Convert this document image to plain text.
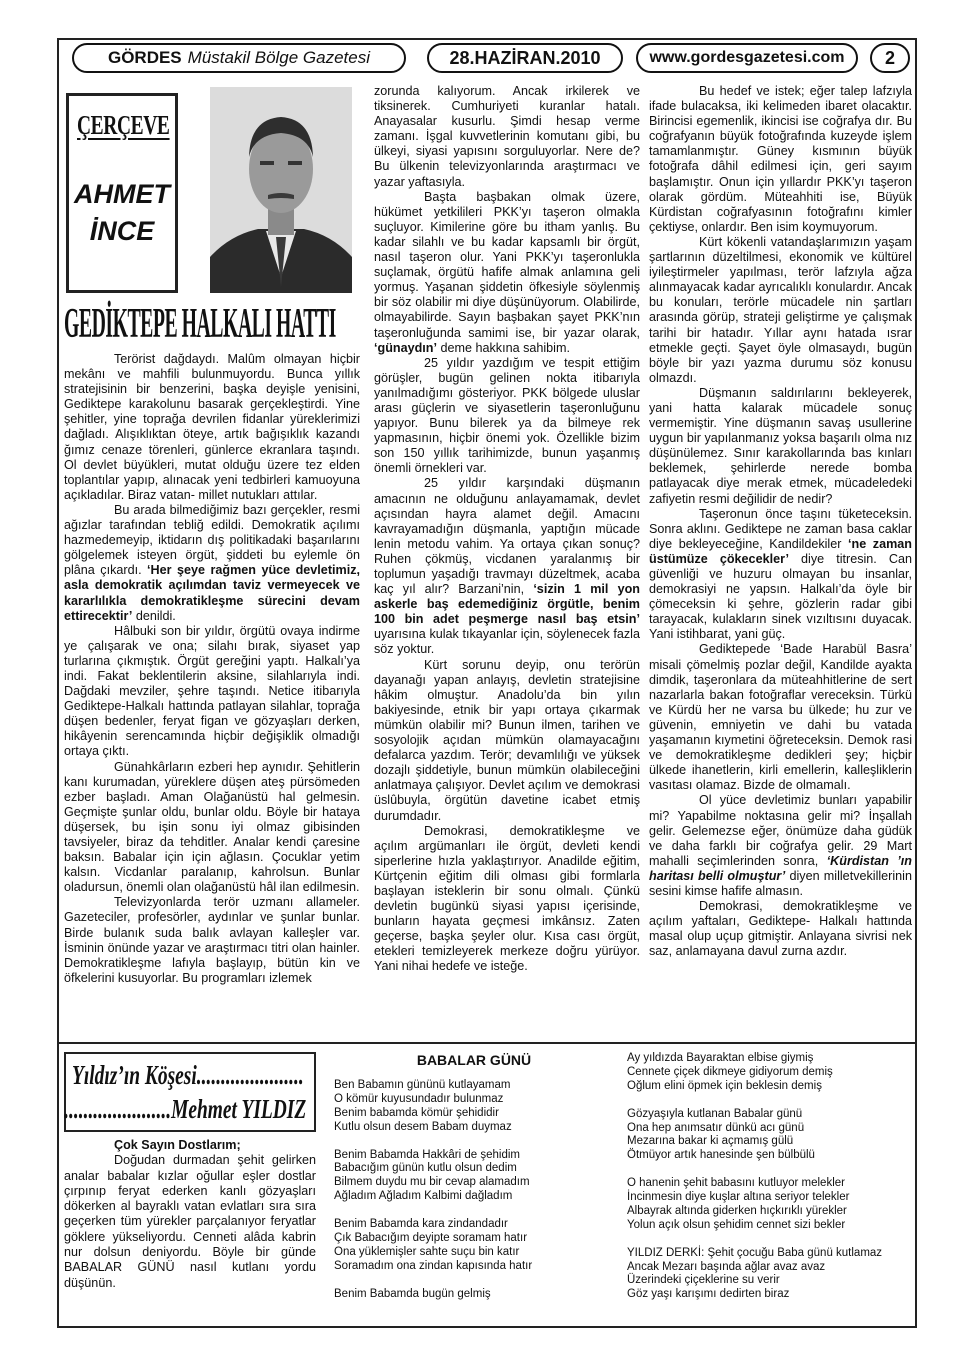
GÖRDES Müstakil Bölge Gazetesi	28.HAZİRAN.2010	www.gordesgazetesi.com	2
ÇERÇEVE
AHMET
İNCE
GEDİKTEPE HALKALI HATTI

Terörist dağdaydı. Malûm olmayan hiçbir mekânı ve mahfili bulunmuyordu. Bunca yıllık stratejisinin bir benzerini, başka deyişle yenisini, Gediktepe karakolunu basarak gerçekleştirdi. Yine şehitler, yine toprağa devrilen fidanlar yüreklerimizi dağladı. Alışıklıktan öteye, artık bağışıklık kazandı ğımız cenaze törenleri, günlerce ekranlara taşındı. Ol devlet büyükleri, mutat olduğu üzere tez elden toplantılar yapıp, alınacak yeni tedbirleri kamuoyuna açıkladılar. Biraz vatan- millet nutukları attılar.

Bu arada bilmediğimiz bazı gerçekler, resmi ağızlar tarafından tebliğ edildi. Demokratik açılımı hazmedemeyip, iktidarın dış politikadaki başarılarını gölgelemek isteyen örgüt, şiddeti bu eylemle ön plâna çıkardı. ‘Her şeye rağmen yüce devletimiz, asla demokratik açılımdan taviz vermeyecek ve kararlılıkla demokratikleşme sürecini devam ettirecektir’ denildi.

Hâlbuki son bir yıldır, örgütü ovaya indirme ye çalışarak ve ona; silahı bırak, siyaset yap turlarına çıkmıştık. Örgüt gereğini yaptı. Halkalı’ya indi. Fakat beklentilerin aksine, silahlarıyla indi. Dağdaki mevziler, şehre taşındı. Netice itibarıyla Gediktepe-Halkalı hattında patlayan silahlar, toprağa düşen bedenler, feryat figan ve gözyaşları derken, hikâyenin serencamında hiçbir değişiklik olmadığı ortaya çıktı.

Günahkârların ezberi hep aynıdır. Şehitlerin kanı kurumadan, yüreklere düşen ateş pürsömeden ezber başladı. Aman Olağanüstü hal gelmesin. Geçmişte şunlar oldu, bunlar oldu. Böyle bir hataya düşersek, bu işin sonu iyi olmaz gibisinden tavsiyeler, biraz da tehditler. Analar kendi çaresine baksın. Babalar için için ağlasın. Çocuklar yetim kalsın. Vicdanlar paralanıp, kahrolsun. Bunlar oladursun, önemli olan olağanüstü hâl ilan edilmesin.

Televizyonlarda terör uzmanı allameler. Gazeteciler, profesörler, aydınlar ve şunlar bunlar. Birde bulanık suda balık avlayan kalleşler var. İsminin önünde yazar ve araştırmacı titri olan hainler. Demokratikleşme lafıyla başlayıp, bütün kin ve öfkelerini kusuyorlar. Bu programları izlemek

zorunda kalıyorum. Ancak irkilerek ve tiksinerek. Cumhuriyeti kuranlar hatalı. Anayasalar kusurlu. Şimdi hesap verme zamanı. İşgal kuvvetlerinin komutanı gibi, bu ülkeyi, siyasi yapısını sorguluyorlar. Nere de? Bu ülkenin televizyonlarında araştırmacı ve yazar yaftasıyla.

Başta başbakan olmak üzere, hükümet yetkilileri PKK’yı taşeron olmakla suçluyor. Kimilerine göre bu itham yanlış. Bu kadar silahlı ve bu kadar kapsamlı bir örgüt, nasıl taşeron olur. Yani PKK’yı taşeronlukla suçlamak, örgütü hafife almak anlamına geli yormuş. Yaşanan şiddetin öfkesiyle söylenmiş bir söz olabilir mi diye düşünüyorum. Olabilirde, olmayabilirde. Sayın başbakan şayet PKK’nın taşeronluğunda samimi ise, bir yazar olarak, ‘günaydın’ deme hakkına sahibim.

25 yıldır yazdığım ve tespit ettiğim görüşler, bugün gelinen nokta itibarıyla yanılmadığımı gösteriyor. PKK bölgede uluslar arası güçlerin ve siyasetlerin taşeronluğunu yapıyor. Bunu bilerek ya da bilmeye rek yapmasının, hiçbir önemi yok. Özellikle bizim son 150 yıllık tarihimizde, bunun yaşanmış önemli örnekleri var.

25 yıldır karşındaki düşmanın amacının ne olduğunu anlayamamak, devlet açısından hayra alamet değil. Amacını kavrayamadığın düşmanla, yaptığın mücade lenin metodu vahim. Ya ortaya çıkan sonuç? Ruhen çökmüş, vicdanen yaralanmış bir toplumun yaşadığı travmayı düzeltmek, acaba kaç yıl alır? Barzani’nin, ‘sizin 1 mil yon askerle baş edemediğiniz örgütle, benim 100 bin adet peşmerge nasıl baş etsin’ uyarısına kulak tıkayanlar için, söylenecek fazla söz yoktur.

Kürt sorunu deyip, onu terörün dayanağı yapan anlayış, devletin stratejisine hâkim olmuştur. Anadolu’da bin yılın bakiyesinde, etnik bir yapı ortaya çıkarmak mümkün olabilir mi? Bunun ilmen, tarihen ve sosyolojik açıdan mümkün olamayacağını defalarca yazdım. Terör; devamlılığı ve yüksek dozajlı şiddetiyle, bunun mümkün olabileceğini anlatmaya çalışıyor. Devlet açılım ve demokrasi üslûbuyla, örgütün davetine icabet etmiş durumdadır.

Demokrasi, demokratikleşme ve açılım argümanları ile örgüt, devleti kendi siperlerine hızla yaklaştırıyor. Anadilde eğitim, Kürtçenin eğitim dili olması gibi formlarla başlayan isteklerin bir sonu olmalı. Çünkü devletin bugünkü siyasi yapısı içerisinde, bunların hayata geçmesi imkânsız. Zaten geçerse, başka şeyler olur. Kısa cası örgüt, etekleri temizleyerek merkeze doğru yürüyor. Yani nihai hedefe ve isteğe.

Bu hedef ve istek; eğer talep lafzıyla ifade bulacaksa, iki kelimeden ibaret olacaktır. Birincisi egemenlik, ikincisi ise coğrafya dır. Bu coğrafyanın büyük fotoğrafında kuzeyde işlem tamamlanmıştır. Güney kısmının büyük fotoğrafa dâhil edilmesi için, geri sayım başlamıştır. Onun için yıllardır PKK’yı taşeron olarak gördüm. Müteahhiti ise, Büyük Kürdistan coğrafyasının fotoğrafını kimler çektiyse, onlardır. Ben isim koymuyorum.

Kürt kökenli vatandaşlarımızın yaşam şartlarının düzeltilmesi, ekonomik ve kültürel iyileştirmeler yapılması, terör lafzıyla ağza alınmayacak kadar ayrıcalıklı konulardır. Ancak bu konuları, terörle mücadele nin şartları arasında görüp, strateji geliştirme ye çalışmak tarihi bir hatadır. Yıllar aynı hatada ısrar etmekle geçti. Şayet öyle olmasaydı, bugün böyle bir yazı yazma durumu söz konusu olmazdı.

Düşmanın saldırılarını bekleyerek, yani hatta kalarak mücadele sonuç vermemiştir. Yine düşmanın savaş usullerine uygun bir yapılanmanız yoksa başarılı olma nız düşünülemez. Sınır karakollarında bas kınları beklemek, şehirlerde nerede bomba patlayacak diye merak etmek, mücadeledeki zafiyetin resmi değilidir de nedir?

Taşeronun önce taşını tüketeceksin. Sonra aklını. Gediktepe ne zaman basa caklar diye bekleyeceğine, Kandildekiler ‘ne zaman üstümüze çökecekler’ diye titresin. Can güvenliği ve huzuru olmayan bu insanlar, demokrasiyi ne yapsın. Halkalı’da öyle bir çömeceksin ki şehre, gözlerin radar gibi tarayacak, kulakların sinek vızıltısını duyacak. Yani istihbarat, yani güç.

Gediktepede ‘Bade Harabül Basra’ misali çömelmiş pozlar değil, Kandilde ayakta dimdik, taşeronlara da müteahhitlerine de sert nazarlarla bakan fotoğraflar vereceksin. Türkü ve Kürdü her ne varsa bu ülkede; hu zur ve güvenin, emniyetin ve dahi bu vatada yaşamanın kıymetini öğreteceksin. Demok rasi ve demokratikleşme dedikleri şey; hiçbir ülkede ihanetlerin, kirli emellerin, kalleşliklerin vasıtası olamaz. Bizde de olmamalı.

Ol yüce devletimiz bunları yapabilir mi? Yapabilme noktasına gelir mi? İnşallah gelir. Gelemezse eğer, önümüze daha güdük ve daha farklı bir coğrafya gelir. 29 Mart mahalli seçimlerinden sonra, ‘Kürdistan ’ın haritası belli olmuştur’ diyen milletvekillerinin sesini kimse hafife almasın.

Demokrasi, demokratikleşme ve açılım yaftaları, Gediktepe- Halkalı hattında masal olup uçup gitmiştir. Anlayana sivrisi nek saz, anlamayana davul zurna azdır.

Yıldız’ın Köşesi......................
......................Mehmet YILDIZ

Çok Sayın Dostlarım;

Doğudan durmadan şehit gelirken analar babalar kızlar oğullar eşler dostlar çırpınıp feryat ederken kanlı gözyaşları dökerken al bayraklı vatan evlatları sıra sıra geçerken tüm yürekler parçalanıyor feryatlar göklere yükseliyordu. Cenneti alâda kabrin nur dolsun deniyordu. Böyle bir günde BABALAR GÜNÜ nasıl kutlanı yordu düşünün.

BABALAR GÜNÜ
Ben Babamın gününü kutlayamam
O kömür kuyusundadır bulunmaz
Benim babamda kömür şehididir
Kutlu olsun desem Babam duymaz
Benim Babamda Hakkâri de şehidim
Babacığım günün kutlu olsun dedim
Bilmem duydu mu bir cevap alamadım
Ağladım Ağladım Kalbimi dağladım
Benim Babamda kara zindandadır
Çık Babacığım deyipte soramam hatır
Ona yüklemişler sahte suçu bin katır
Soramadım ona zindan kapısında hatır
Benim Babamda bugün gelmiş
Ay yıldızda Bayaraktan elbise giymiş
Cennete çiçek dikmeye gidiyorum demiş
Oğlum elini öpmek için beklesin demiş
Gözyaşıyla kutlanan Babalar günü
Ona hep anımsatır dünkü acı günü
Mezarına bakar ki açmamış gülü
Ötmüyor artık hanesinde şen bülbülü
O hanenin şehit babasını kutluyor melekler
İncinmesin diye kuşlar altına seriyor telekler
Albayrak altında giderken hıçkırıklı yürekler
Yolun açık olsun şehidim cennet sizi bekler
YILDIZ DERKİ: Şehit çocuğu Baba günü kutlamaz
Ancak Mezarı başında ağlar avaz avaz
Üzerindeki çiçeklerine su verir
Göz yaşı karışımı dedirten biraz
